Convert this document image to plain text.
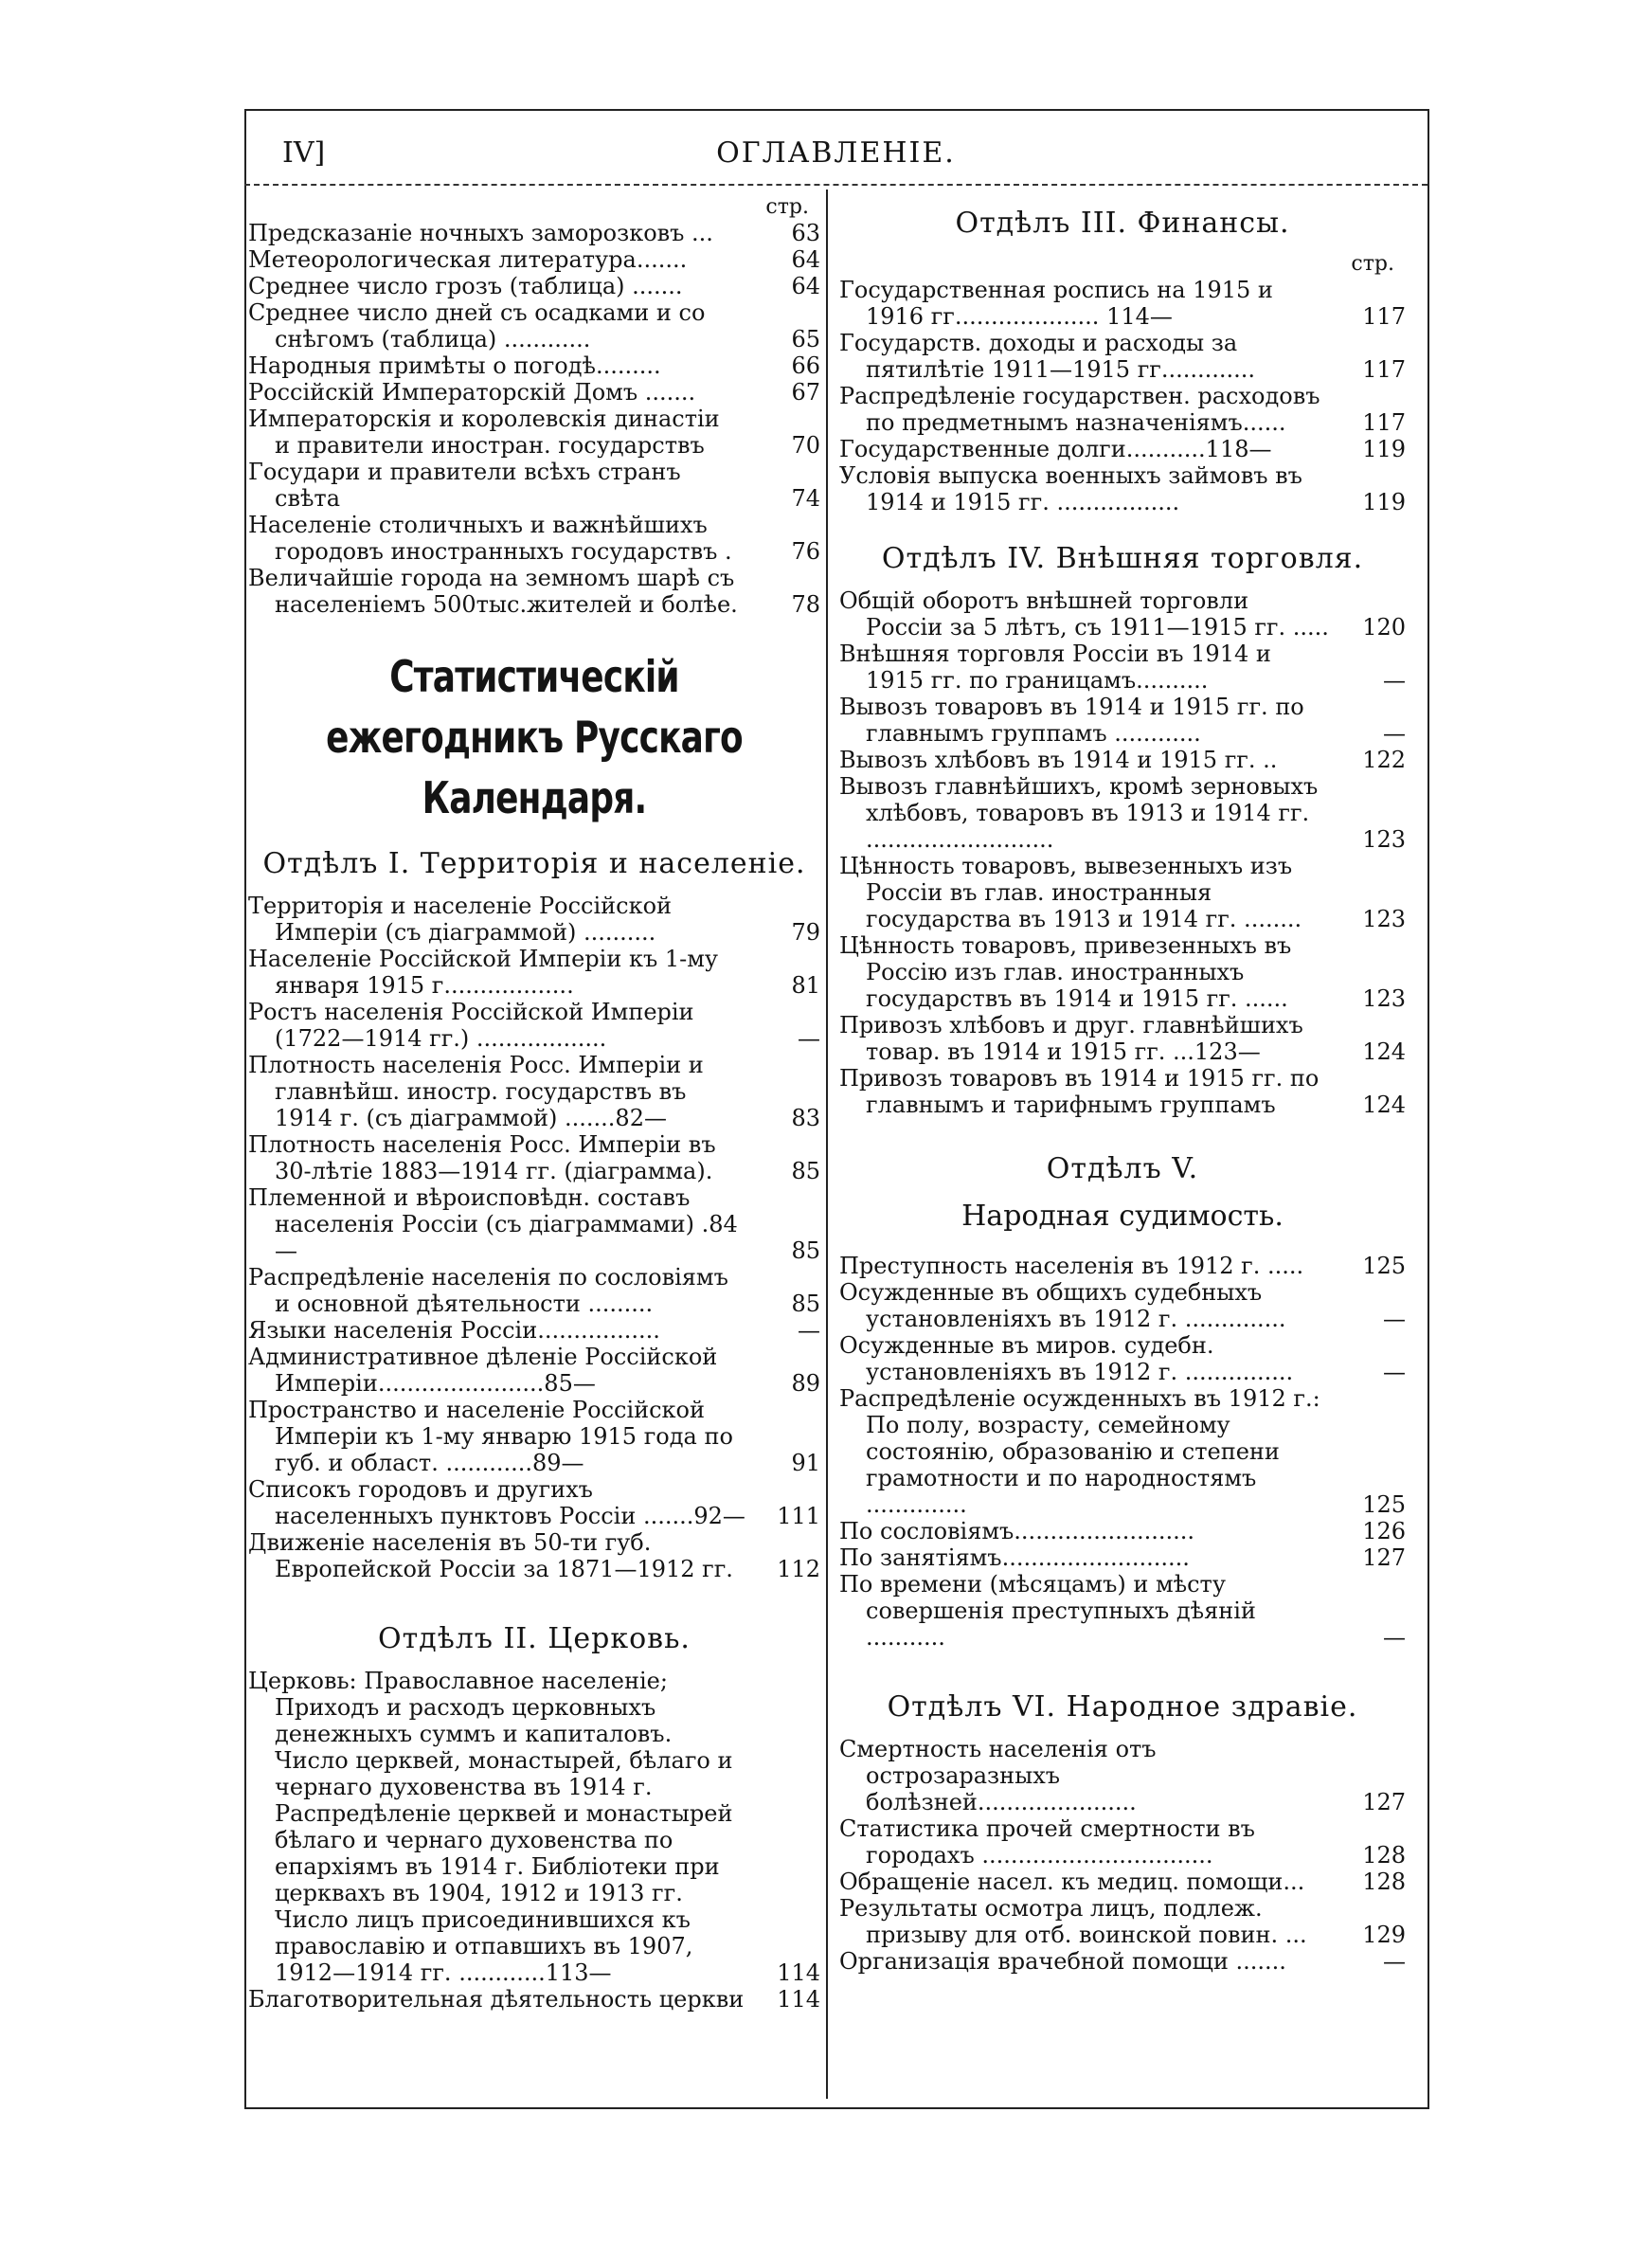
IV]	ОГЛАВЛЕНІЕ.
стр.
Предсказаніе ночныхъ заморозковъ ...	63
Метеорологическая литература.......	64
Среднее число грозъ (таблица) .......	64
Среднее число дней съ осадками и со
снѣгомъ (таблица) ............	65
Народныя примѣты о погодѣ.........	66
Россійскій Императорскій Домъ .......	67
Императорскія и королевскія династіи
и правители иностран. государствъ	70
Государи и правители всѣхъ странъ свѣта	74
Населеніе столичныхъ и важнѣйшихъ городовъ иностранныхъ государствъ .	76
Величайшіе города на земномъ шарѣ съ населеніемъ 500тыс.жителей и болѣе.	78
Статистическій ежегодникъ Русскаго
Календаря.
Отдѣлъ I. Территорія и населеніе.
Территорія и населеніе Россійской Имперіи (съ діаграммой) ..........	79
Населеніе Россійской Имперіи къ 1-му января 1915 г..................	81
Ростъ населенія Россійской Имперіи (1722—1914 гг.) ..................	—
Плотность населенія Росс. Имперіи и главнѣйш. иностр. государствъ въ 1914 г. (съ діаграммой) .......82—	83
Плотность населенія Росс. Имперіи въ 30-лѣтіе 1883—1914 гг. (діаграмма).	85
Племенной и вѣроисповѣдн. составъ населенія Россіи (съ діаграммами) .84—	85
Распредѣленіе населенія по сословіямъ и основной дѣятельности .........	85
Языки населенія Россіи.................	—
Административное дѣленіе Россійской Имперіи.......................85—	89
Пространство и населеніе Россійской Имперіи къ 1-му январю 1915 года по губ. и област. ............89—	91
Списокъ городовъ и другихъ населенныхъ пунктовъ Россіи .......92—	111
Движеніе населенія въ 50-ти губ. Европейской Россіи за 1871—1912 гг.	112
Отдѣлъ II. Церковь.
Церковь: Православное населеніе; Приходъ и расходъ церковныхъ денежныхъ суммъ и капиталовъ. Число церквей, монастырей, бѣлаго и чернаго духовенства въ 1914 г. Распредѣленіе церквей и монастырей бѣлаго и чернаго духовенства по епархіямъ въ 1914 г. Библіотеки при церквахъ въ 1904, 1912 и 1913 гг. Число лицъ присоединившихся къ православію и отпавшихъ въ 1907, 1912—1914 гг. ............113—	114
Благотворительная дѣятельность церкви	114
Отдѣлъ III. Финансы.
стр.
Государственная роспись на 1915 и 1916 гг.................... 114—	117
Государств. доходы и расходы за пятилѣтіе 1911—1915 гг.............	117
Распредѣленіе государствен. расходовъ по предметнымъ назначеніямъ......	117
Государственные долги...........118—	119
Условія выпуска военныхъ займовъ въ 1914 и 1915 гг. .................	119
Отдѣлъ IV. Внѣшняя торговля.
Общій оборотъ внѣшней торговли Россіи за 5 лѣтъ, съ 1911—1915 гг. .....	120
Внѣшняя торговля Россіи въ 1914 и 1915 гг. по границамъ..........	—
Вывозъ товаровъ въ 1914 и 1915 гг. по главнымъ группамъ ............	—
Вывозъ хлѣбовъ въ 1914 и 1915 гг. ..	122
Вывозъ главнѣйшихъ, кромѣ зерновыхъ хлѣбовъ, товаровъ въ 1913 и 1914 гг. ..........................	123
Цѣнность товаровъ, вывезенныхъ изъ Россіи въ глав. иностранныя государства въ 1913 и 1914 гг. ........	123
Цѣнность товаровъ, привезенныхъ въ Россію изъ глав. иностранныхъ государствъ въ 1914 и 1915 гг. ......	123
Привозъ хлѣбовъ и друг. главнѣйшихъ товар. въ 1914 и 1915 гг. ...123—	124
Привозъ товаровъ въ 1914 и 1915 гг. по главнымъ и тарифнымъ группамъ	124
Отдѣлъ V.
Народная судимость.
Преступность населенія въ 1912 г. .....	125
Осужденные въ общихъ судебныхъ установленіяхъ въ 1912 г. ..............	—
Осужденные въ миров. судебн. установленіяхъ въ 1912 г. ...............	—
Распредѣленіе осужденныхъ въ 1912 г.:
По полу, возрасту, семейному состоянію, образованію и степени грамотности и по народностямъ ..............	125
По сословіямъ.........................	126
По занятіямъ..........................	127
По времени (мѣсяцамъ) и мѣсту совершенія преступныхъ дѣяній ...........	—
Отдѣлъ VI. Народное здравіе.
Смертность населенія отъ острозаразныхъ болѣзней......................	127
Статистика прочей смертности въ городахъ ................................	128
Обращеніе насел. къ медиц. помощи...	128
Результаты осмотра лицъ, подлеж. призыву для отб. воинской повин. ...	129
Организація врачебной помощи .......	—
